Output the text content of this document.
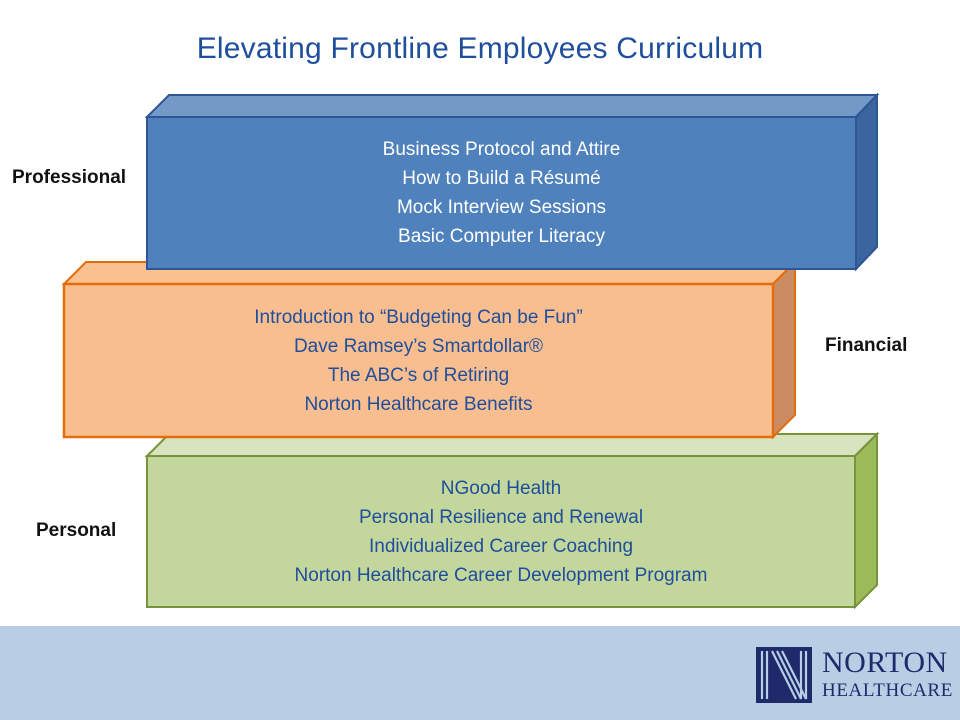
Elevating Frontline Employees Curriculum
Professional
Financial
Personal
Business Protocol and Attire
How to Build a Résumé
Mock Interview Sessions
Basic Computer Literacy
Introduction to “Budgeting Can be Fun”
Dave Ramsey’s Smartdollar®
The ABC’s of Retiring
Norton Healthcare Benefits
NGood Health
Personal Resilience and Renewal
Individualized Career Coaching
Norton Healthcare Career Development Program
NORTON
HEALTHCARE
